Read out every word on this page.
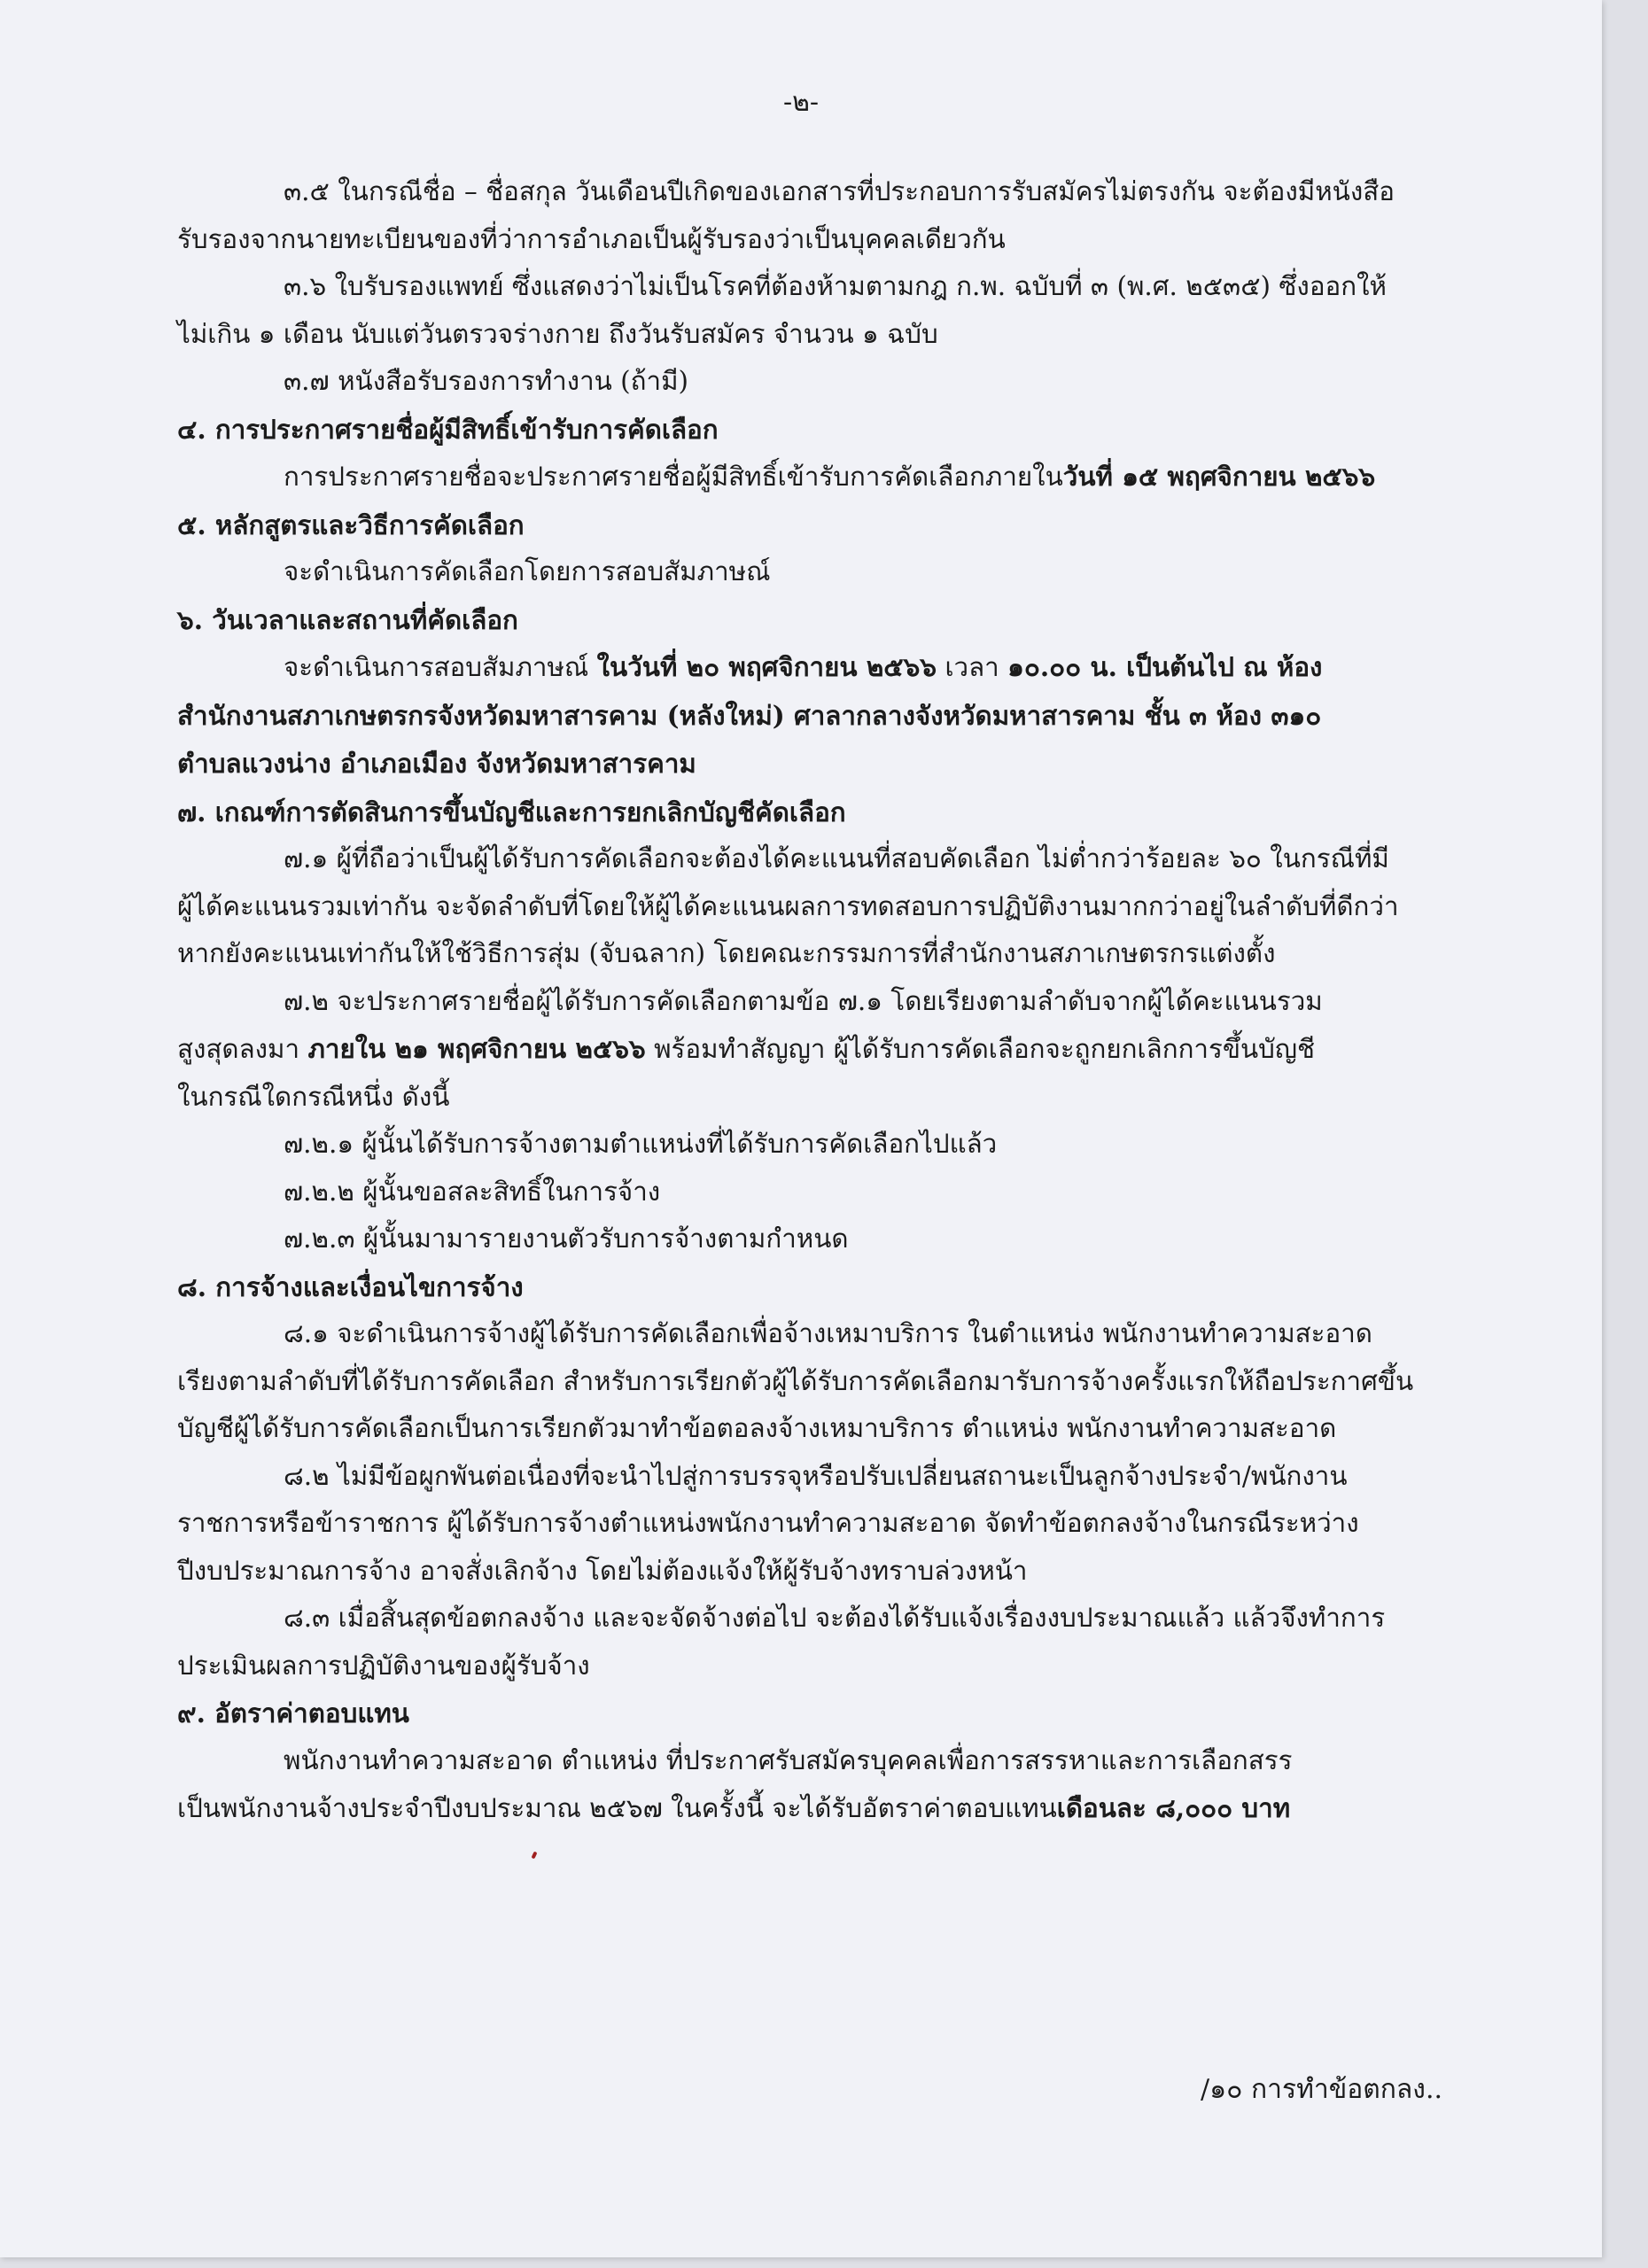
-๒-
๓.๕ ในกรณีชื่อ – ชื่อสกุล วันเดือนปีเกิดของเอกสารที่ประกอบการรับสมัครไม่ตรงกัน จะต้องมีหนังสือ
รับรองจากนายทะเบียนของที่ว่าการอำเภอเป็นผู้รับรองว่าเป็นบุคคลเดียวกัน
๓.๖ ใบรับรองแพทย์ ซึ่งแสดงว่าไม่เป็นโรคที่ต้องห้ามตามกฎ ก.พ. ฉบับที่ ๓ (พ.ศ. ๒๕๓๕) ซึ่งออกให้
ไม่เกิน ๑ เดือน นับแต่วันตรวจร่างกาย ถึงวันรับสมัคร จำนวน ๑ ฉบับ
๓.๗ หนังสือรับรองการทำงาน (ถ้ามี)
๔. การประกาศรายชื่อผู้มีสิทธิ์เข้ารับการคัดเลือก
การประกาศรายชื่อจะประกาศรายชื่อผู้มีสิทธิ์เข้ารับการคัดเลือกภายในวันที่ ๑๕ พฤศจิกายน ๒๕๖๖
๕. หลักสูตรและวิธีการคัดเลือก
จะดำเนินการคัดเลือกโดยการสอบสัมภาษณ์
๖. วันเวลาและสถานที่คัดเลือก
จะดำเนินการสอบสัมภาษณ์ ในวันที่ ๒๐ พฤศจิกายน ๒๕๖๖ เวลา ๑๐.๐๐ น. เป็นต้นไป ณ ห้อง
สำนักงานสภาเกษตรกรจังหวัดมหาสารคาม (หลังใหม่) ศาลากลางจังหวัดมหาสารคาม ชั้น ๓ ห้อง ๓๑๐
ตำบลแวงน่าง อำเภอเมือง จังหวัดมหาสารคาม
๗. เกณฑ์การตัดสินการขึ้นบัญชีและการยกเลิกบัญชีคัดเลือก
๗.๑ ผู้ที่ถือว่าเป็นผู้ได้รับการคัดเลือกจะต้องได้คะแนนที่สอบคัดเลือก ไม่ต่ำกว่าร้อยละ ๖๐ ในกรณีที่มี
ผู้ได้คะแนนรวมเท่ากัน จะจัดลำดับที่โดยให้ผู้ได้คะแนนผลการทดสอบการปฏิบัติงานมากกว่าอยู่ในลำดับที่ดีกว่า
หากยังคะแนนเท่ากันให้ใช้วิธีการสุ่ม (จับฉลาก) โดยคณะกรรมการที่สำนักงานสภาเกษตรกรแต่งตั้ง
๗.๒ จะประกาศรายชื่อผู้ได้รับการคัดเลือกตามข้อ ๗.๑ โดยเรียงตามลำดับจากผู้ได้คะแนนรวม
สูงสุดลงมา ภายใน ๒๑ พฤศจิกายน ๒๕๖๖ พร้อมทำสัญญา ผู้ได้รับการคัดเลือกจะถูกยกเลิกการขึ้นบัญชี
ในกรณีใดกรณีหนึ่ง ดังนี้
๗.๒.๑ ผู้นั้นได้รับการจ้างตามตำแหน่งที่ได้รับการคัดเลือกไปแล้ว
๗.๒.๒ ผู้นั้นขอสละสิทธิ์ในการจ้าง
๗.๒.๓ ผู้นั้นมามารายงานตัวรับการจ้างตามกำหนด
๘. การจ้างและเงื่อนไขการจ้าง
๘.๑ จะดำเนินการจ้างผู้ได้รับการคัดเลือกเพื่อจ้างเหมาบริการ ในตำแหน่ง พนักงานทำความสะอาด
เรียงตามลำดับที่ได้รับการคัดเลือก สำหรับการเรียกตัวผู้ได้รับการคัดเลือกมารับการจ้างครั้งแรกให้ถือประกาศขึ้น
บัญชีผู้ได้รับการคัดเลือกเป็นการเรียกตัวมาทำข้อตอลงจ้างเหมาบริการ ตำแหน่ง พนักงานทำความสะอาด
๘.๒ ไม่มีข้อผูกพันต่อเนื่องที่จะนำไปสู่การบรรจุหรือปรับเปลี่ยนสถานะเป็นลูกจ้างประจำ/พนักงาน
ราชการหรือข้าราชการ ผู้ได้รับการจ้างตำแหน่งพนักงานทำความสะอาด จัดทำข้อตกลงจ้างในกรณีระหว่าง
ปีงบประมาณการจ้าง อาจสั่งเลิกจ้าง โดยไม่ต้องแจ้งให้ผู้รับจ้างทราบล่วงหน้า
๘.๓ เมื่อสิ้นสุดข้อตกลงจ้าง และจะจัดจ้างต่อไป จะต้องได้รับแจ้งเรื่องงบประมาณแล้ว แล้วจึงทำการ
ประเมินผลการปฏิบัติงานของผู้รับจ้าง
๙. อัตราค่าตอบแทน
พนักงานทำความสะอาด ตำแหน่ง ที่ประกาศรับสมัครบุคคลเพื่อการสรรหาและการเลือกสรร
เป็นพนักงานจ้างประจำปีงบประมาณ ๒๕๖๗ ในครั้งนี้ จะได้รับอัตราค่าตอบแทนเดือนละ ๘,๐๐๐ บาท
/๑๐ การทำข้อตกลง..
